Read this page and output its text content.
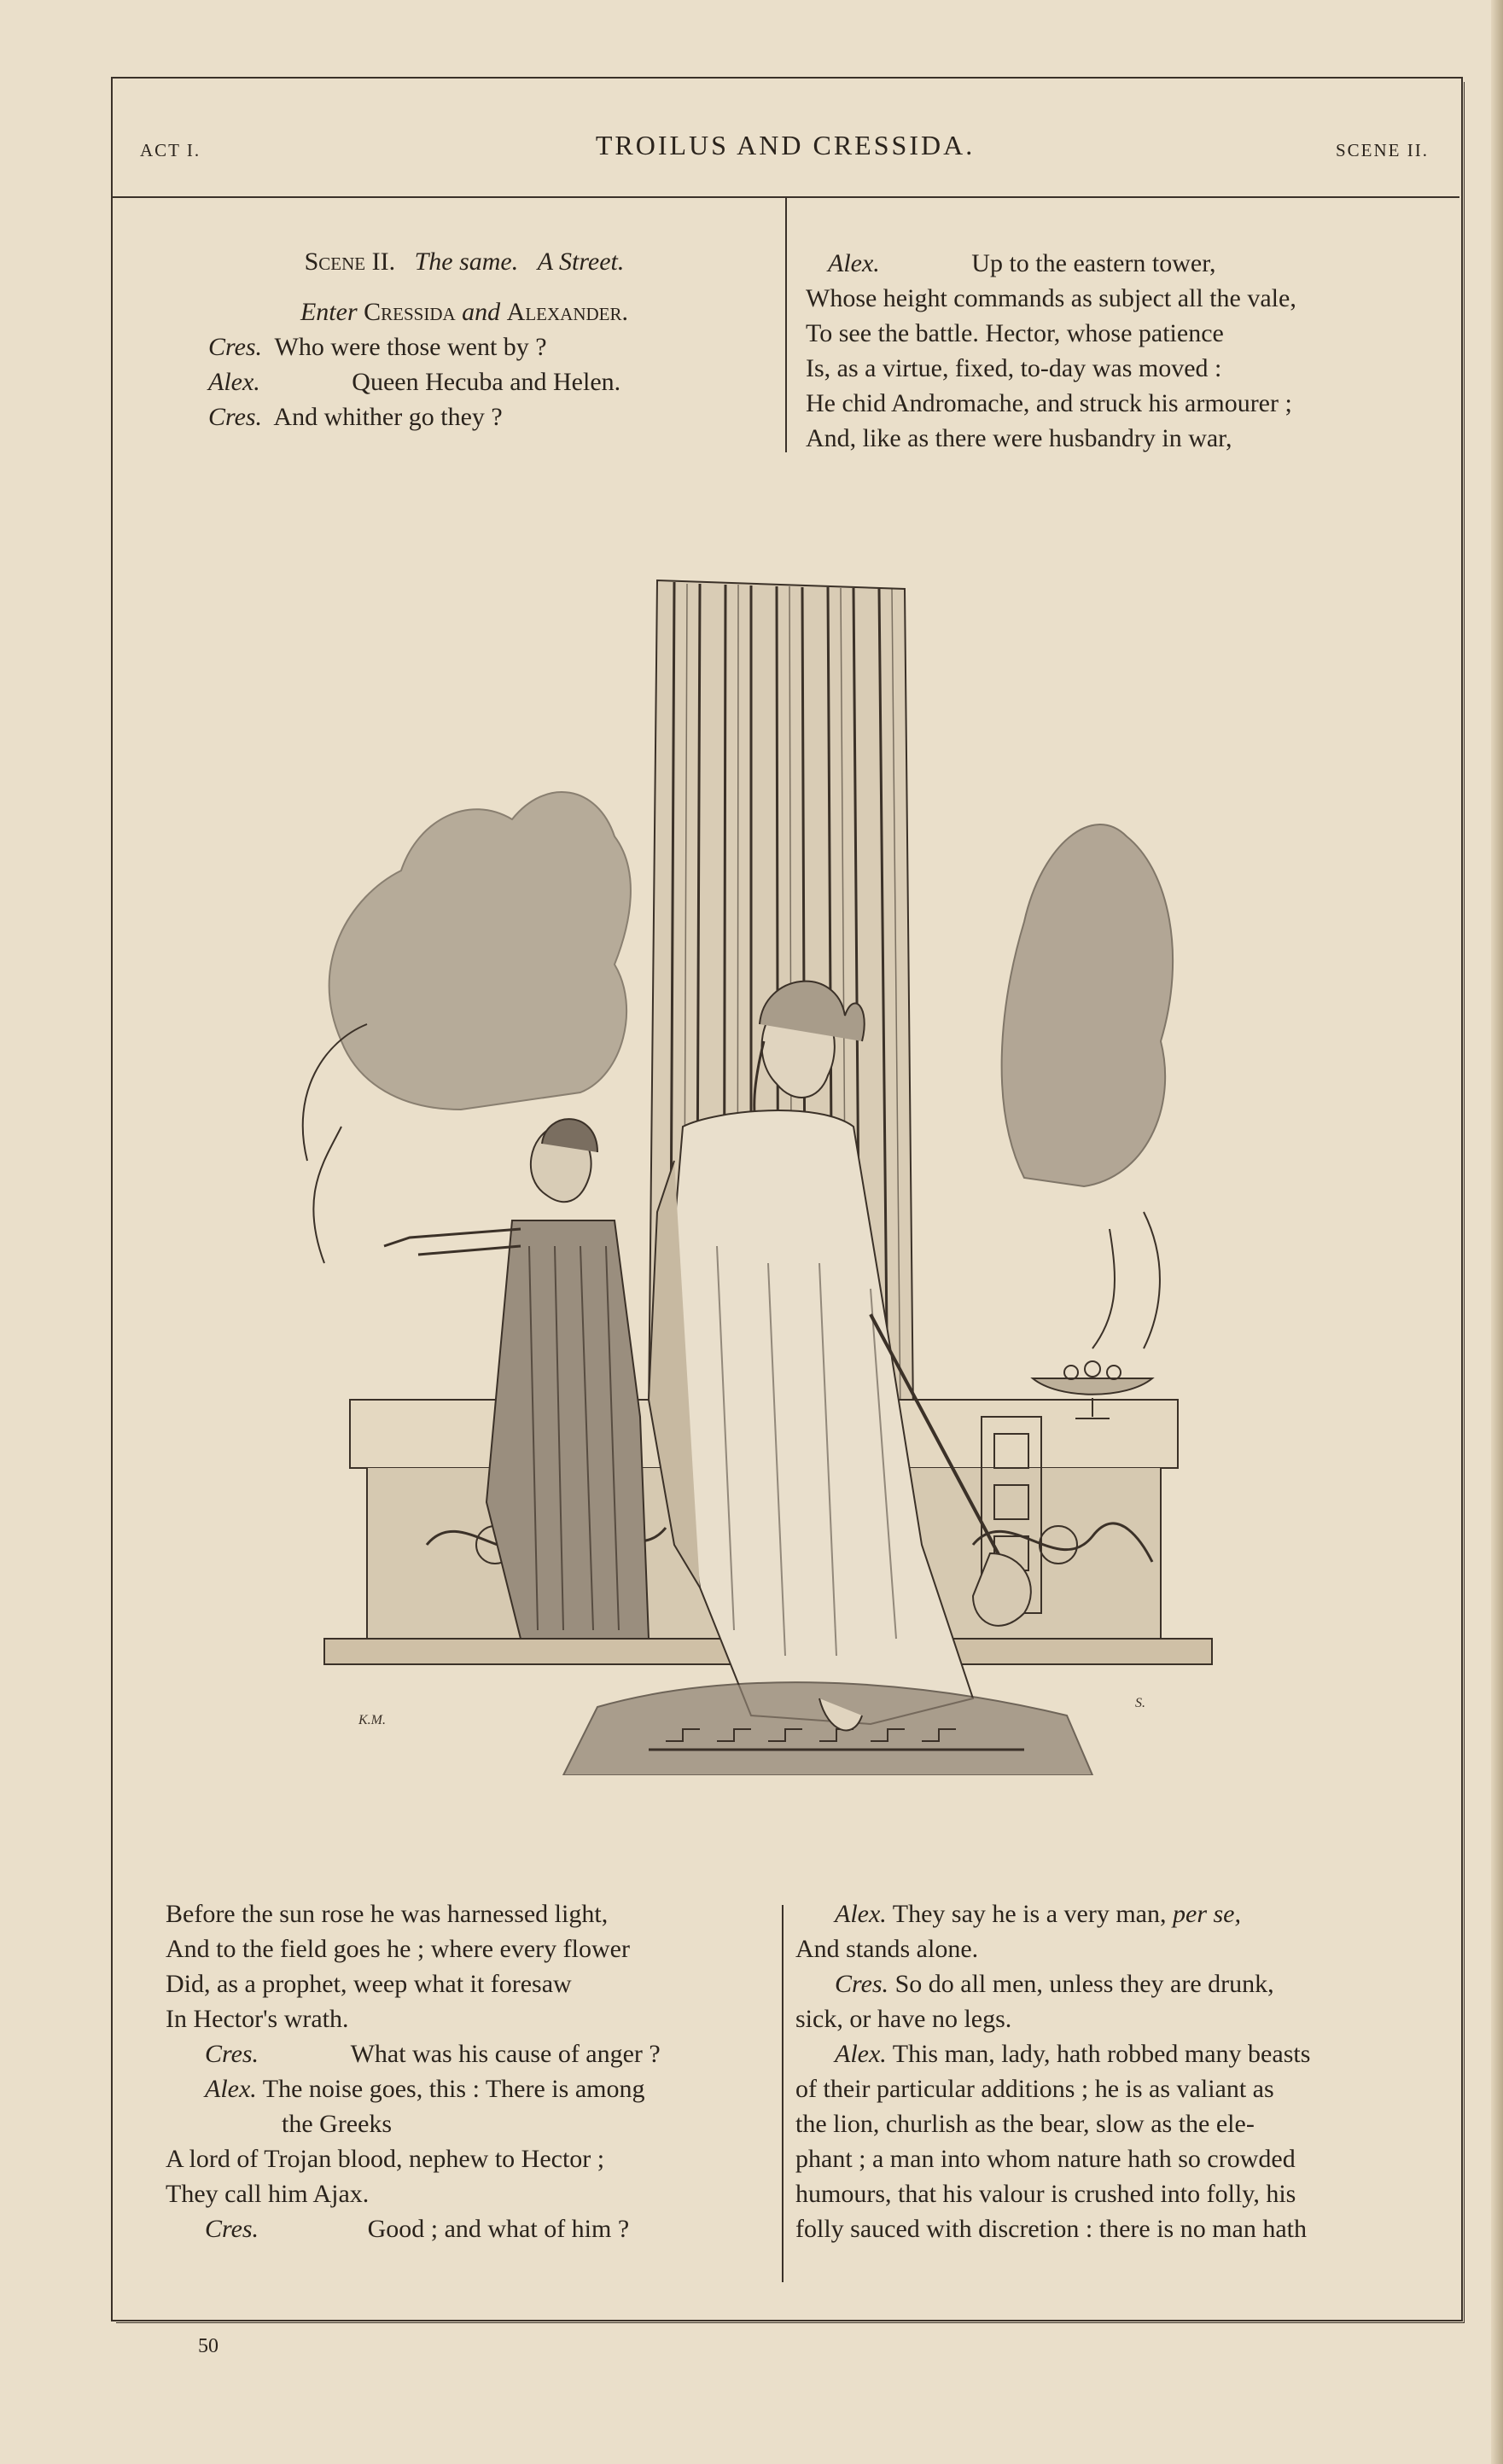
ACT I.	TROILUS AND CRESSIDA.	SCENE II.

Scene II. The same. A Street.

Enter Cressida and Alexander.

Cres. Who were those went by ?

Alex.	Queen Hecuba and Helen.

Cres. And whither go they ?

Alex.	Up to the eastern tower,

Whose height commands as subject all the vale,

To see the battle. Hector, whose patience

Is, as a virtue, fixed, to-day was moved :

He chid Andromache, and struck his armourer ;

And, like as there were husbandry in war,

K.M.
S.

Before the sun rose he was harnessed light,

And to the field goes he ; where every flower

Did, as a prophet, weep what it foresaw

In Hector's wrath.

Cres.	What was his cause of anger ?

Alex. The noise goes, this : There is among

the Greeks

A lord of Trojan blood, nephew to Hector ;

They call him Ajax.

Cres.	Good ; and what of him ?

Alex. They say he is a very man, per se,

And stands alone.

Cres. So do all men, unless they are drunk,

sick, or have no legs.

Alex. This man, lady, hath robbed many beasts

of their particular additions ; he is as valiant as

the lion, churlish as the bear, slow as the ele-

phant ; a man into whom nature hath so crowded

humours, that his valour is crushed into folly, his

folly sauced with discretion : there is no man hath

50
